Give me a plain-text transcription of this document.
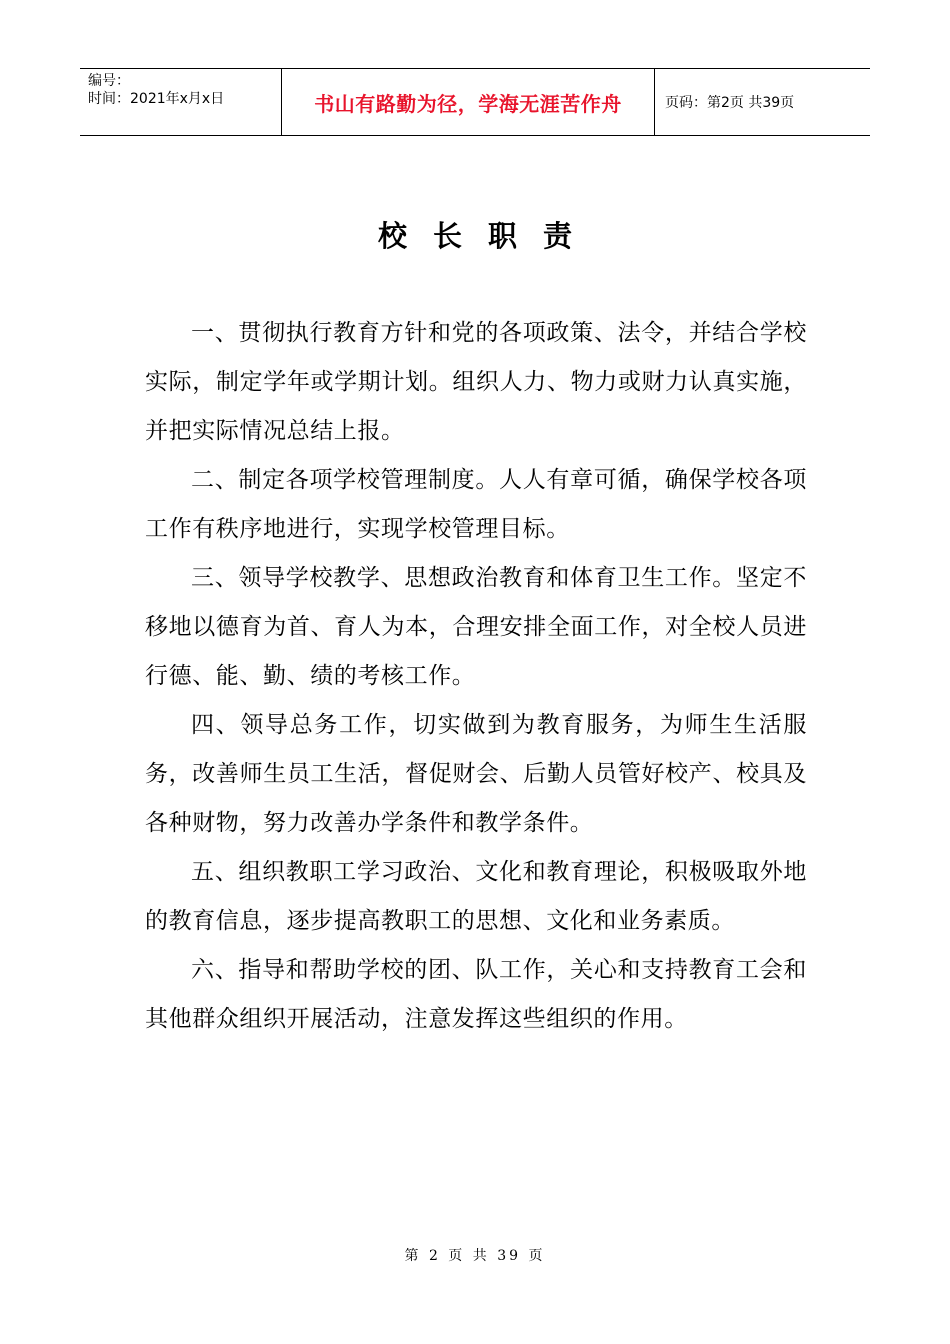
编号：
时间：2021年x月x日	书山有路勤为径，学海无涯苦作舟	页码：第2页 共39页
校长职责

一、贯彻执行教育方针和党的各项政策、法令，并结合学校实际，制定学年或学期计划。组织人力、物力或财力认真实施，并把实际情况总结上报。

二、制定各项学校管理制度。人人有章可循，确保学校各项工作有秩序地进行，实现学校管理目标。

三、领导学校教学、思想政治教育和体育卫生工作。坚定不移地以德育为首、育人为本，合理安排全面工作，对全校人员进行德、能、勤、绩的考核工作。

四、领导总务工作，切实做到为教育服务，为师生生活服务，改善师生员工生活，督促财会、后勤人员管好校产、校具及各种财物，努力改善办学条件和教学条件。

五、组织教职工学习政治、文化和教育理论，积极吸取外地的教育信息，逐步提高教职工的思想、文化和业务素质。

六、指导和帮助学校的团、队工作，关心和支持教育工会和其他群众组织开展活动，注意发挥这些组织的作用。

第 2 页 共 39 页
